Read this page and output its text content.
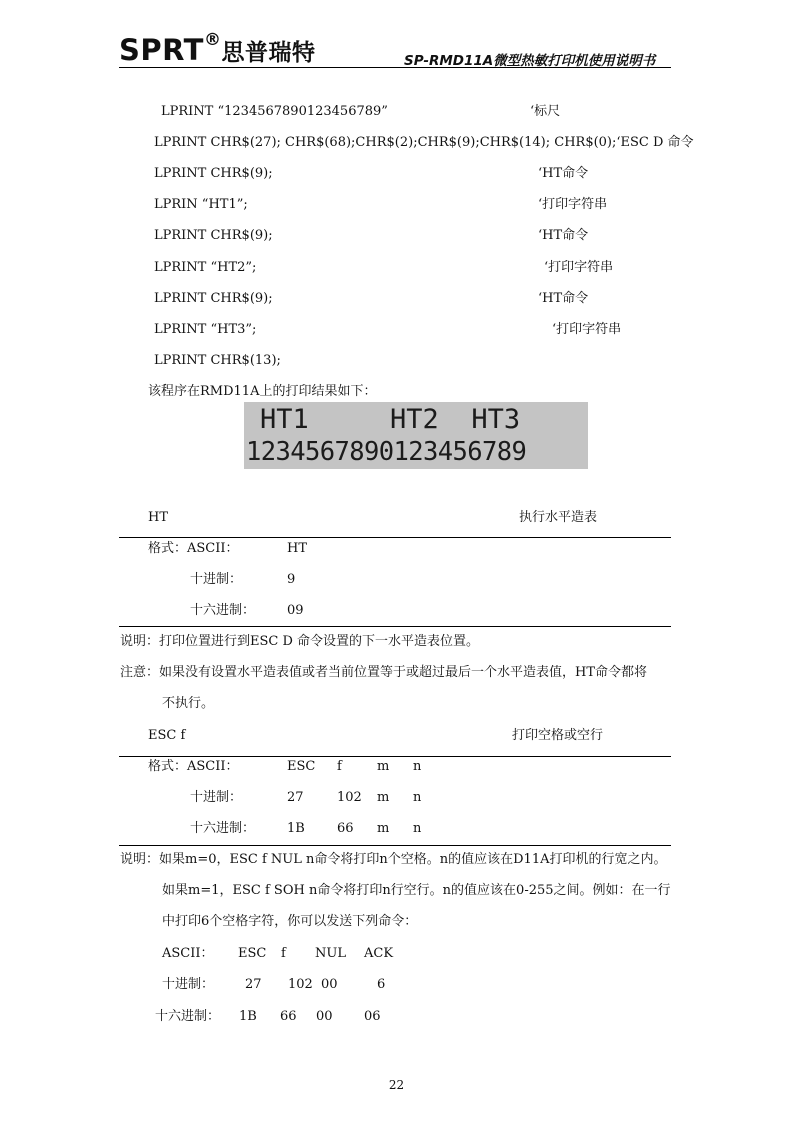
SPRT®思普瑞特	SP-RMD11A微型热敏打印机使用说明书
LPRINT “1234567890123456789”	‘标尺
LPRINT CHR$(27); CHR$(68);CHR$(2);CHR$(9);CHR$(14); CHR$(0);‘ESC D 命令
LPRINT CHR$(9);	‘HT命令
LPRIN “HT1”;	‘打印字符串
LPRINT CHR$(9);	‘HT命令
LPRINT “HT2”;	‘打印字符串
LPRINT CHR$(9);	‘HT命令
LPRINT “HT3”;	‘打印字符串
LPRINT CHR$(13);
该程序在RMD11A上的打印结果如下：
HT1     HT2  HT3
1234567890123456789
HT	执行水平造表
格式：ASCII：	HT
十进制：	9
十六进制： 09
说明：打印位置进行到ESC D 命令设置的下一水平造表位置。
注意：如果没有设置水平造表值或者当前位置等于或超过最后一个水平造表值，HT命令都将
不执行。
ESC f	打印空格或空行
格式：ASCII：	ESC f	m n
十进制：	27	102 m n
十六进制： 1B 66 m n
说明：如果m=0，ESC f NUL n命令将打印n个空格。n的值应该在D11A打印机的行宽之内。
如果m=1，ESC f SOH n命令将打印n行空行。n的值应该在0-255之间。例如：在一行
中打印6个空格字符，你可以发送下列命令：
ASCII： ESC f NUL ACK
十进制： 27 102 00	6
十六进制： 1B 66 00 06
22
